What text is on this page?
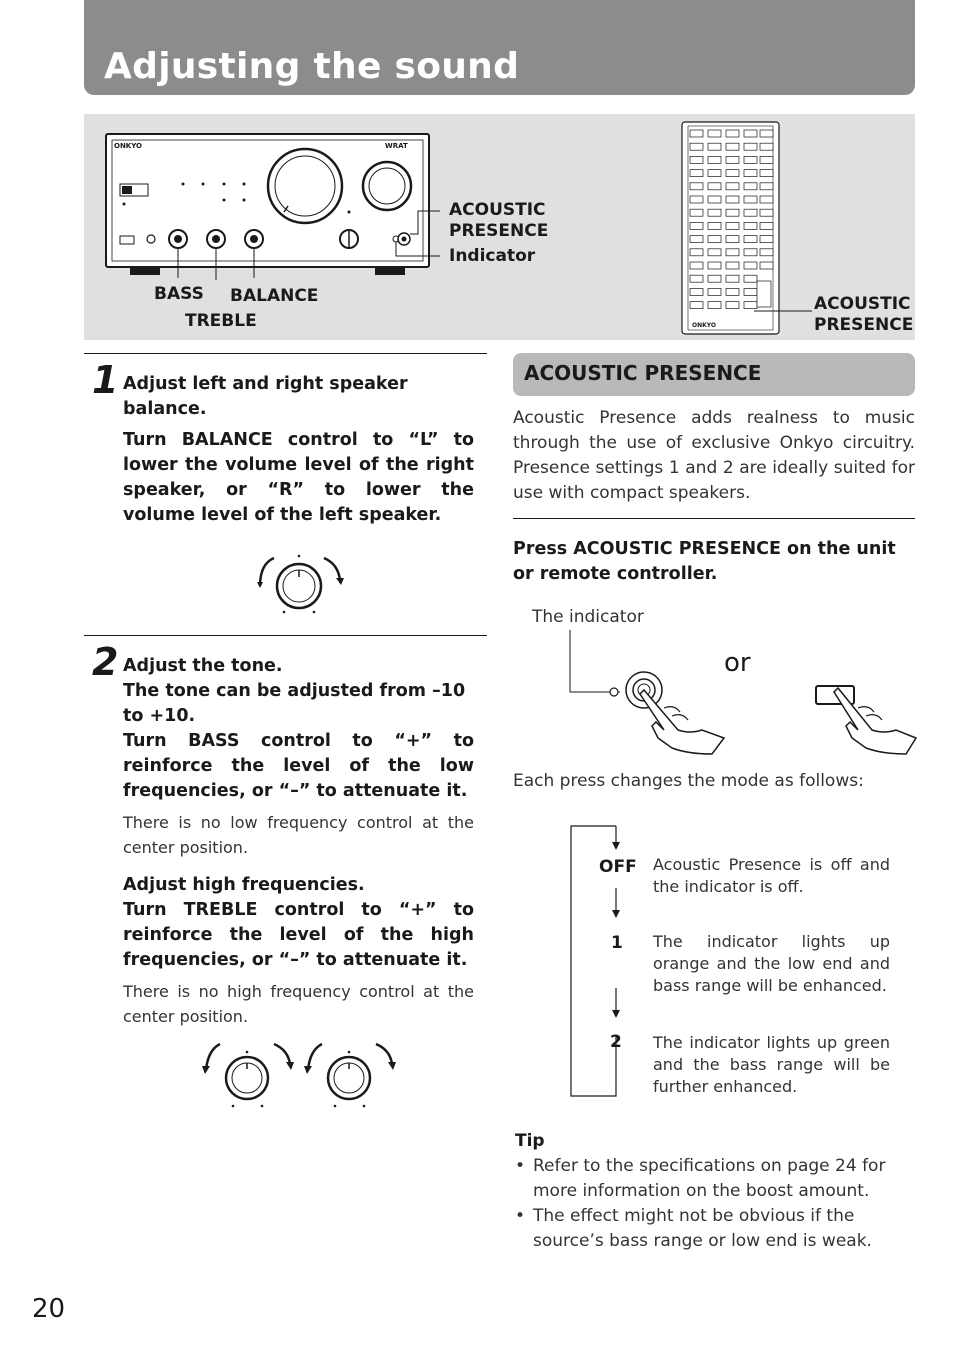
Adjusting the sound
ONKYO	WRAT
ACOUSTIC PRESENCE
Indicator
BASS
TREBLE
BALANCE
ONKYO
ACOUSTIC PRESENCE
1 Adjust left and right speaker balance.
Turn BALANCE control to “L” to lower the volume level of the right speaker, or “R” to lower the volume level of the left speaker.
2 Adjust the tone.
The tone can be adjusted from –10 to +10.
Turn BASS control to “+” to reinforce the level of the low frequencies, or “–” to attenuate it.
There is no low frequency control at the center position.
Adjust high frequencies.
Turn TREBLE control to “+” to reinforce the level of the high frequencies, or “–” to attenuate it.
There is no high frequency control at the center position.
ACOUSTIC PRESENCE
Acoustic Presence adds realness to music through the use of exclusive Onkyo circuitry. Presence settings 1 and 2 are ideally suited for use with compact speakers.
Press ACOUSTIC PRESENCE on the unit or remote controller.
The indicator
or
Each press changes the mode as follows:
OFF Acoustic Presence is off and the indicator is off.
1 The indicator lights up orange and the low end and bass range will be enhanced.
2 The indicator lights up green and the bass range will be further enhanced.
Tip
• Refer to the specifications on page 24 for more information on the boost amount.
• The effect might not be obvious if the source’s bass range or low end is weak.
20
